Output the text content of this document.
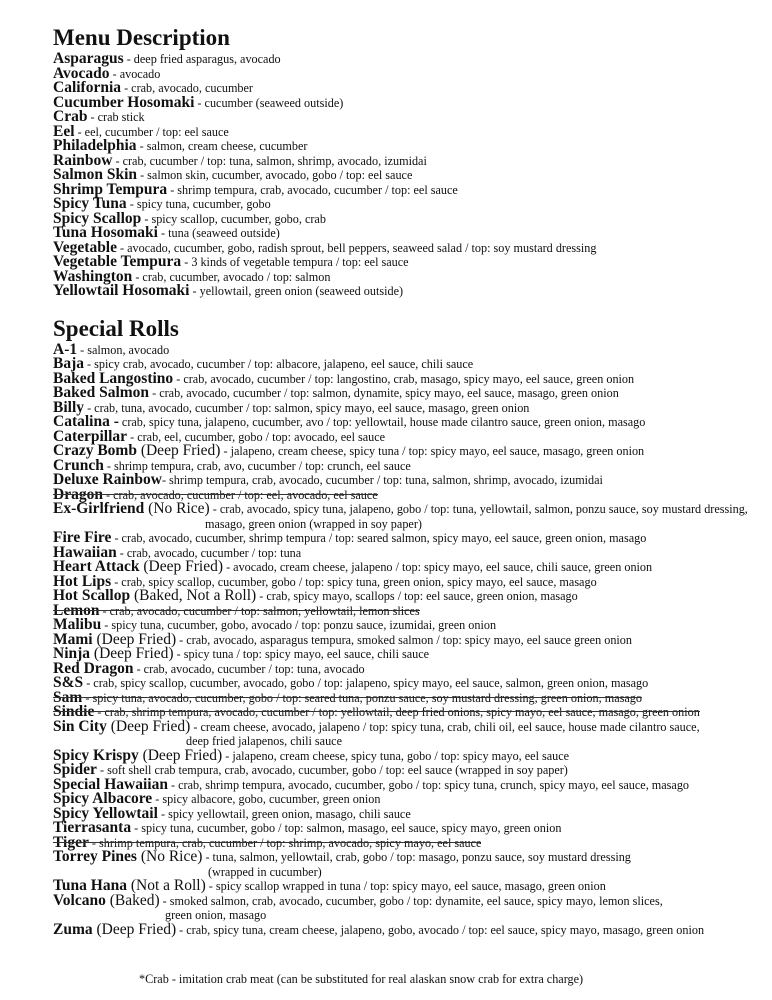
Menu Description
Asparagus - deep fried asparagus, avocado
Avocado - avocado
California - crab, avocado, cucumber
Cucumber Hosomaki - cucumber (seaweed outside)
Crab - crab stick
Eel - eel, cucumber / top: eel sauce
Philadelphia - salmon, cream cheese, cucumber
Rainbow - crab, cucumber / top: tuna, salmon, shrimp, avocado, izumidai
Salmon Skin - salmon skin, cucumber, avocado, gobo / top: eel sauce
Shrimp Tempura - shrimp tempura, crab, avocado, cucumber / top: eel sauce
Spicy Tuna - spicy tuna, cucumber, gobo
Spicy Scallop - spicy scallop, cucumber, gobo, crab
Tuna Hosomaki - tuna (seaweed outside)
Vegetable - avocado, cucumber, gobo, radish sprout, bell peppers, seaweed salad / top: soy mustard dressing
Vegetable Tempura - 3 kinds of vegetable tempura / top: eel sauce
Washington - crab, cucumber, avocado / top: salmon
Yellowtail Hosomaki - yellowtail, green onion (seaweed outside)
Special Rolls
A-1 - salmon, avocado
Baja - spicy crab, avocado, cucumber / top: albacore, jalapeno, eel sauce, chili sauce
Baked Langostino - crab, avocado, cucumber / top: langostino, crab, masago, spicy mayo, eel sauce, green onion
Baked Salmon - crab, avocado, cucumber / top: salmon, dynamite, spicy mayo, eel sauce, masago, green onion
Billy - crab, tuna, avocado, cucumber / top: salmon, spicy mayo, eel sauce, masago, green onion
Catalina - crab, spicy tuna, jalapeno, cucumber, avo / top: yellowtail, house made cilantro sauce, green onion, masago
Caterpillar - crab, eel, cucumber, gobo / top: avocado, eel sauce
Crazy Bomb (Deep Fried) - jalapeno, cream cheese, spicy tuna / top: spicy mayo, eel sauce, masago, green onion
Crunch - shrimp tempura, crab, avo, cucumber / top: crunch, eel sauce
Deluxe Rainbow- shrimp tempura, crab, avocado, cucumber / top: tuna, salmon, shrimp, avocado, izumidai
Dragon - crab, avocado, cucumber / top: eel, avocado, eel sauce
Ex-Girlfriend (No Rice) - crab, avocado, spicy tuna, jalapeno, gobo / top: tuna, yellowtail, salmon, ponzu sauce, soy mustard dressing,
masago, green onion (wrapped in soy paper)
Fire Fire - crab, avocado, cucumber, shrimp tempura / top: seared salmon, spicy mayo, eel sauce, green onion, masago
Hawaiian - crab, avocado, cucumber / top: tuna
Heart Attack (Deep Fried) - avocado, cream cheese, jalapeno / top: spicy mayo, eel sauce, chili sauce, green onion
Hot Lips - crab, spicy scallop, cucumber, gobo / top: spicy tuna, green onion, spicy mayo, eel sauce, masago
Hot Scallop (Baked, Not a Roll) - crab, spicy mayo, scallops / top: eel sauce, green onion, masago
Lemon - crab, avocado, cucumber / top: salmon, yellowtail, lemon slices
Malibu - spicy tuna, cucumber, gobo, avocado / top: ponzu sauce, izumidai, green onion
Mami (Deep Fried) - crab, avocado, asparagus tempura, smoked salmon / top: spicy mayo, eel sauce green onion
Ninja (Deep Fried) - spicy tuna / top: spicy mayo, eel sauce, chili sauce
Red Dragon - crab, avocado, cucumber / top: tuna, avocado
S&S - crab, spicy scallop, cucumber, avocado, gobo / top: jalapeno, spicy mayo, eel sauce, salmon, green onion, masago
Sam - spicy tuna, avocado, cucumber, gobo / top: seared tuna, ponzu sauce, soy mustard dressing, green onion, masago
Sindie - crab, shrimp tempura, avocado, cucumber / top: yellowtail, deep fried onions, spicy mayo, eel sauce, masago, green onion
Sin City (Deep Fried) - cream cheese, avocado, jalapeno / top: spicy tuna, crab, chili oil, eel sauce, house made cilantro sauce,
deep fried jalapenos, chili sauce
Spicy Krispy (Deep Fried) - jalapeno, cream cheese, spicy tuna, gobo / top: spicy mayo, eel sauce
Spider - soft shell crab tempura, crab, avocado, cucumber, gobo / top: eel sauce (wrapped in soy paper)
Special Hawaiian - crab, shrimp tempura, avocado, cucumber, gobo / top: spicy tuna, crunch, spicy mayo, eel sauce, masago
Spicy Albacore - spicy albacore, gobo, cucumber, green onion
Spicy Yellowtail - spicy yellowtail, green onion, masago, chili sauce
Tierrasanta - spicy tuna, cucumber, gobo / top: salmon, masago, eel sauce, spicy mayo, green onion
Tiger - shrimp tempura, crab, cucumber / top: shrimp, avocado, spicy mayo, eel sauce
Torrey Pines (No Rice) - tuna, salmon, yellowtail, crab, gobo / top: masago, ponzu sauce, soy mustard dressing
(wrapped in cucumber)
Tuna Hana (Not a Roll) - spicy scallop wrapped in tuna / top: spicy mayo, eel sauce, masago, green onion
Volcano (Baked) - smoked salmon, crab, avocado, cucumber, gobo / top: dynamite, eel sauce, spicy mayo, lemon slices,
green onion, masago
Zuma (Deep Fried) - crab, spicy tuna, cream cheese, jalapeno, gobo, avocado / top: eel sauce, spicy mayo, masago, green onion
*Crab - imitation crab meat (can be substituted for real alaskan snow crab for extra charge)
